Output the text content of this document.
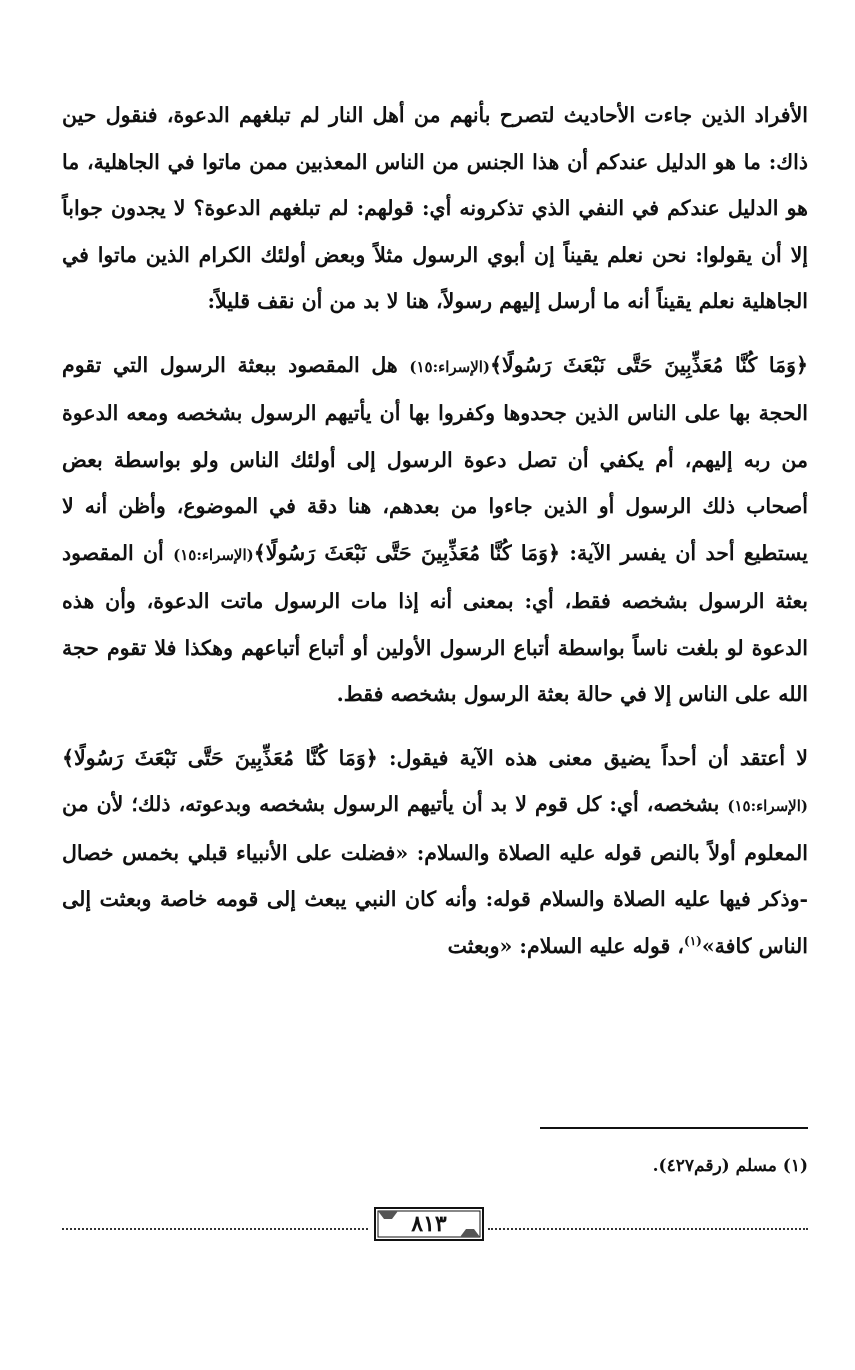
الأفراد الذين جاءت الأحاديث لتصرح بأنهم من أهل النار لم تبلغهم الدعوة، فنقول حين ذاك: ما هو الدليل عندكم أن هذا الجنس من الناس المعذبين ممن ماتوا في الجاهلية، ما هو الدليل عندكم في النفي الذي تذكرونه أي: قولهم: لم تبلغهم الدعوة؟ لا يجدون جواباً إلا أن يقولوا: نحن نعلم يقيناً إن أبوي الرسول مثلاً وبعض أولئك الكرام الذين ماتوا في الجاهلية نعلم يقيناً أنه ما أرسل إليهم رسولاً، هنا لا بد من أن نقف قليلاً:

﴿وَمَا كُنَّا مُعَذِّبِينَ حَتَّى نَبْعَثَ رَسُولًا﴾(الإسراء:١٥) هل المقصود ببعثة الرسول التي تقوم الحجة بها على الناس الذين جحدوها وكفروا بها أن يأتيهم الرسول بشخصه ومعه الدعوة من ربه إليهم، أم يكفي أن تصل دعوة الرسول إلى أولئك الناس ولو بواسطة بعض أصحاب ذلك الرسول أو الذين جاءوا من بعدهم، هنا دقة في الموضوع، وأظن أنه لا يستطيع أحد أن يفسر الآية: ﴿وَمَا كُنَّا مُعَذِّبِينَ حَتَّى نَبْعَثَ رَسُولًا﴾(الإسراء:١٥) أن المقصود بعثة الرسول بشخصه فقط، أي: بمعنى أنه إذا مات الرسول ماتت الدعوة، وأن هذه الدعوة لو بلغت ناساً بواسطة أتباع الرسول الأولين أو أتباع أتباعهم وهكذا فلا تقوم حجة الله على الناس إلا في حالة بعثة الرسول بشخصه فقط.

لا أعتقد أن أحداً يضيق معنى هذه الآية فيقول: ﴿وَمَا كُنَّا مُعَذِّبِينَ حَتَّى نَبْعَثَ رَسُولًا﴾(الإسراء:١٥) بشخصه، أي: كل قوم لا بد أن يأتيهم الرسول بشخصه وبدعوته، ذلك؛ لأن من المعلوم أولاً بالنص قوله عليه الصلاة والسلام: «فضلت على الأنبياء قبلي بخمس خصال -وذكر فيها عليه الصلاة والسلام قوله: وأنه كان النبي يبعث إلى قومه خاصة وبعثت إلى الناس كافة»$^{(١)}$، قوله عليه السلام: «وبعثت

(١) مسلم (رقم٤٢٧).
٨١٣
